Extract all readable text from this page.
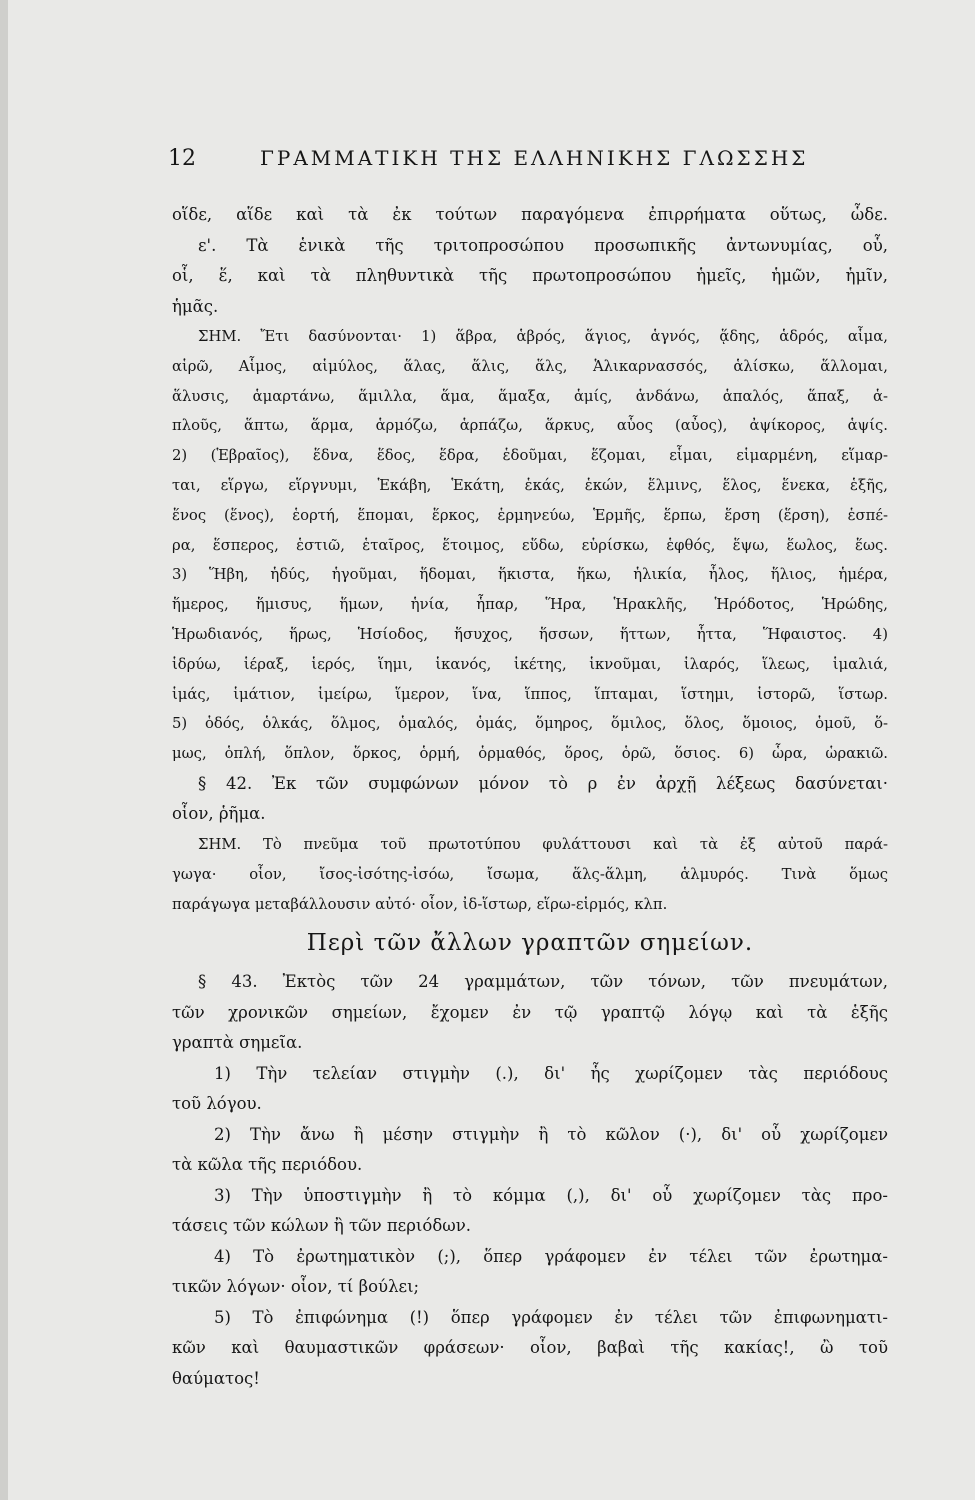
12	ΓΡΑΜΜΑΤΙΚΗ ΤΗΣ ΕΛΛΗΝΙΚΗΣ ΓΛΩΣΣΗΣ
οἵδε, αἵδε καὶ τὰ ἐκ τούτων παραγόμενα ἐπιρρήματα οὕτως, ὧδε.
ε'. Τὰ ἑνικὰ τῆς τριτοπροσώπου προσωπικῆς ἀντωνυμίας, οὗ,
οἷ, ἕ, καὶ τὰ πληθυντικὰ τῆς πρωτοπροσώπου ἡμεῖς, ἡμῶν, ἡμῖν,
ἡμᾶς.
ΣΗΜ. Ἔτι δασύνονται· 1) ἅβρα, ἁβρός, ἅγιος, ἁγνός, ᾅδης, ἁδρός, αἷμα,
αἱρῶ, Αἷμος, αἱμύλος, ἅλας, ἅλις, ἅλς, Ἁλικαρνασσός, ἁλίσκω, ἅλλομαι,
ἅλυσις, ἁμαρτάνω, ἅμιλλα, ἅμα, ἅμαξα, ἁμίς, ἁνδάνω, ἁπαλός, ἅπαξ, ἁ-
πλοῦς, ἅπτω, ἅρμα, ἁρμόζω, ἁρπάζω, ἅρκυς, αὗος (αὖος), ἀψίκορος, ἁψίς.
2) (Ἑβραῖος), ἕδνα, ἕδος, ἕδρα, ἑδοῦμαι, ἕζομαι, εἷμαι, εἱμαρμένη, εἵμαρ-
ται, εἵργω, εἵργνυμι, Ἑκάβη, Ἑκάτη, ἑκάς, ἑκών, ἕλμινς, ἕλος, ἕνεκα, ἑξῆς,
ἕνος (ἕνος), ἑορτή, ἕπομαι, ἕρκος, ἑρμηνεύω, Ἑρμῆς, ἕρπω, ἕρση (ἕρση), ἑσπέ-
ρα, ἕσπερος, ἑστιῶ, ἑταῖρος, ἕτοιμος, εὕδω, εὑρίσκω, ἑφθός, ἕψω, ἕωλος, ἕως.
3) Ἥβη, ἡδύς, ἡγοῦμαι, ἥδομαι, ἥκιστα, ἥκω, ἡλικία, ἧλος, ἥλιος, ἡμέρα,
ἥμερος, ἥμισυς, ἥμων, ἡνία, ἧπαρ, Ἥρα, Ἡρακλῆς, Ἡρόδοτος, Ἡρώδης,
Ἡρωδιανός, ἥρως, Ἡσίοδος, ἥσυχος, ἥσσων, ἥττων, ἧττα, Ἥφαιστος. 4)
ἱδρύω, ἱέραξ, ἱερός, ἵημι, ἱκανός, ἱκέτης, ἱκνοῦμαι, ἱλαρός, ἵλεως, ἱμαλιά,
ἱμάς, ἱμάτιον, ἱμείρω, ἵμερον, ἵνα, ἵππος, ἵπταμαι, ἵστημι, ἱστορῶ, ἵστωρ.
5) ὁδός, ὁλκάς, ὅλμος, ὁμαλός, ὁμάς, ὅμηρος, ὅμιλος, ὅλος, ὅμοιος, ὁμοῦ, ὅ-
μως, ὁπλή, ὅπλον, ὅρκος, ὁρμή, ὁρμαθός, ὅρος, ὁρῶ, ὅσιος. 6) ὧρα, ὡρακιῶ.
§ 42. Ἐκ τῶν συμφώνων μόνον τὸ ρ ἐν ἀρχῇ λέξεως δασύνεται·
οἷον, ῥῆμα.
ΣΗΜ. Τὸ πνεῦμα τοῦ πρωτοτύπου φυλάττουσι καὶ τὰ ἐξ αὐτοῦ παρά-
γωγα· οἷον, ἴσος-ἰσότης-ἰσόω, ἴσωμα, ἅλς-ἅλμη, ἁλμυρός. Τινὰ ὅμως
παράγωγα μεταβάλλουσιν αὐτό· οἷον, ἰδ-ἵστωρ, εἵρω-εἱρμός, κλπ.
Περὶ τῶν ἄλλων γραπτῶν σημείων.
§ 43. Ἐκτὸς τῶν 24 γραμμάτων, τῶν τόνων, τῶν πνευμάτων,
τῶν χρονικῶν σημείων, ἔχομεν ἐν τῷ γραπτῷ λόγῳ καὶ τὰ ἑξῆς
γραπτὰ σημεῖα.
1) Τὴν τελείαν στιγμὴν (.), δι' ἧς χωρίζομεν τὰς περιόδους
τοῦ λόγου.
2) Τὴν ἄνω ἢ μέσην στιγμὴν ἢ τὸ κῶλον (·), δι' οὗ χωρίζομεν
τὰ κῶλα τῆς περιόδου.
3) Τὴν ὑποστιγμὴν ἢ τὸ κόμμα (,), δι' οὗ χωρίζομεν τὰς προ-
τάσεις τῶν κώλων ἢ τῶν περιόδων.
4) Τὸ ἐρωτηματικὸν (;), ὅπερ γράφομεν ἐν τέλει τῶν ἐρωτημα-
τικῶν λόγων· οἷον, τί βούλει;
5) Τὸ ἐπιφώνημα (!) ὅπερ γράφομεν ἐν τέλει τῶν ἐπιφωνηματι-
κῶν καὶ θαυμαστικῶν φράσεων· οἷον, βαβαὶ τῆς κακίας!, ὢ τοῦ
θαύματος!
